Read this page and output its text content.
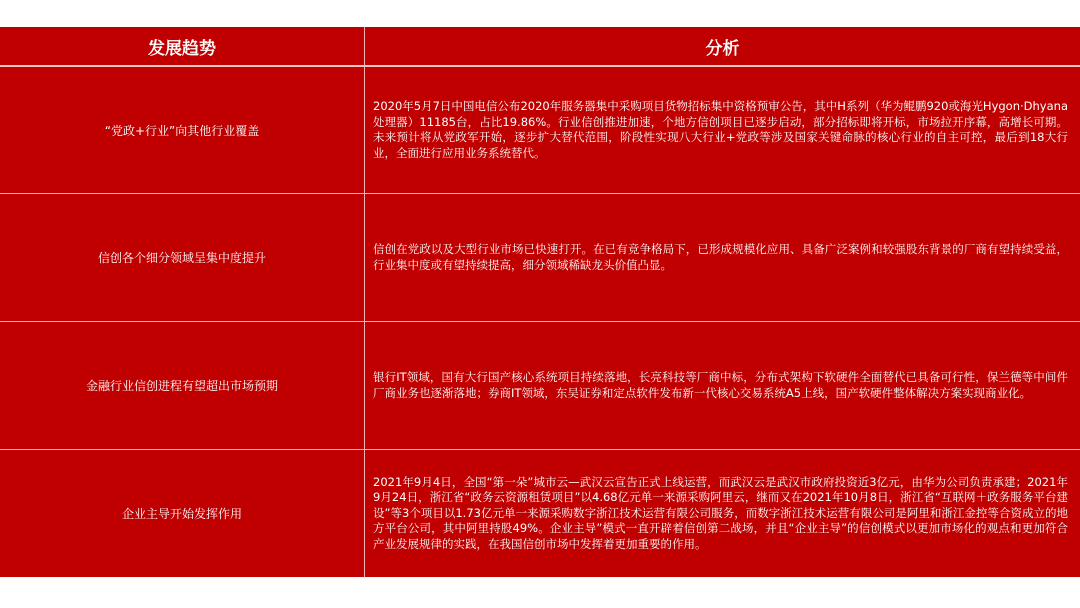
发展趋势	分析
“党政+行业”向其他行业覆盖
2020年5月7日中国电信公布2020年服务器集中采购项目货物招标集中资格预审公告，其中H系列（华为鲲鹏920或海光Hygon·Dhyana处理器）11185台，占比19.86%。行业信创推进加速，个地方信创项目已逐步启动，部分招标即将开标，市场拉开序幕，高增长可期。未来预计将从党政军开始，逐步扩大替代范围，阶段性实现八大行业+党政等涉及国家关键命脉的核心行业的自主可控，最后到18大行业，全面进行应用业务系统替代。
信创各个细分领域呈集中度提升
信创在党政以及大型行业市场已快速打开。在已有竞争格局下，已形成规模化应用、具备广泛案例和较强股东背景的厂商有望持续受益，行业集中度或有望持续提高，细分领域稀缺龙头价值凸显。
金融行业信创进程有望超出市场预期
银行IT领域，国有大行国产核心系统项目持续落地，长亮科技等厂商中标，分布式架构下软硬件全面替代已具备可行性，保兰德等中间件厂商业务也逐渐落地；券商IT领域，东吴证券和定点软件发布新一代核心交易系统A5上线，国产软硬件整体解决方案实现商业化。
企业主导开始发挥作用
2021年9月4日，全国“第一朵”城市云—武汉云宣告正式上线运营，而武汉云是武汉市政府投资近3亿元，由华为公司负责承建；2021年9月24日，浙江省“政务云资源租赁项目”以4.68亿元单一来源采购阿里云，继而又在2021年10月8日，浙江省“互联网＋政务服务平台建设”等3个项目以1.73亿元单一来源采购数字浙江技术运营有限公司服务，而数字浙江技术运营有限公司是阿里和浙江金控等合资成立的地方平台公司，其中阿里持股49%。企业主导”模式一直开辟着信创第二战场，并且“企业主导”的信创模式以更加市场化的观点和更加符合产业发展规律的实践，在我国信创市场中发挥着更加重要的作用。
